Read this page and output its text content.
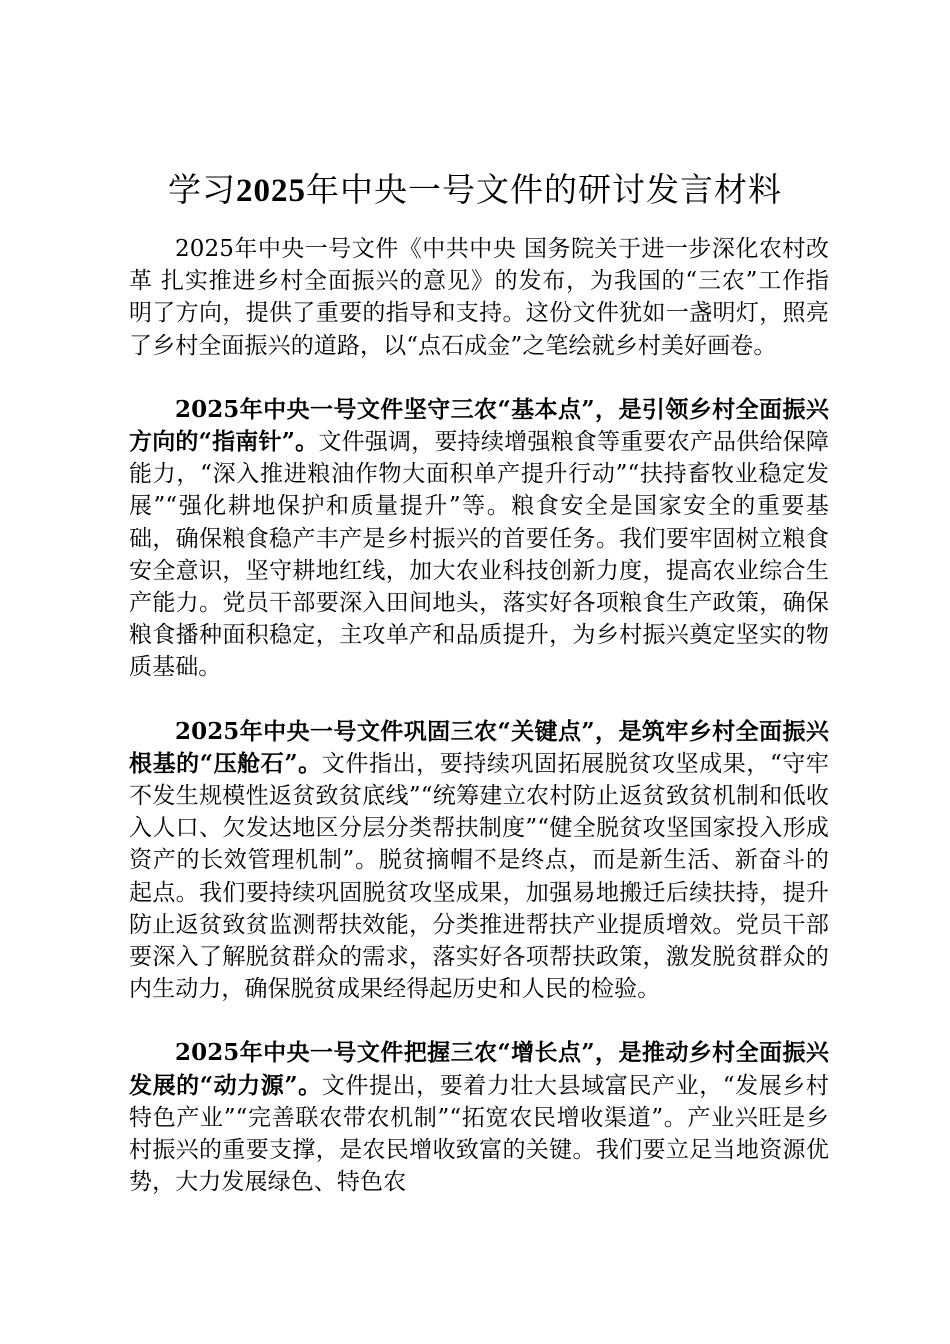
学习2025年中央一号文件的研讨发言材料

2025年中央一号文件《中共中央 国务院关于进一步深化农村改革 扎实推进乡村全面振兴的意见》的发布，为我国的“三农”工作指明了方向，提供了重要的指导和支持。这份文件犹如一盏明灯，照亮了乡村全面振兴的道路，以“点石成金”之笔绘就乡村美好画卷。

2025年中央一号文件坚守三农“基本点”，是引领乡村全面振兴方向的“指南针”。文件强调，要持续增强粮食等重要农产品供给保障能力，“深入推进粮油作物大面积单产提升行动”“扶持畜牧业稳定发展”“强化耕地保护和质量提升”等。粮食安全是国家安全的重要基础，确保粮食稳产丰产是乡村振兴的首要任务。我们要牢固树立粮食安全意识，坚守耕地红线，加大农业科技创新力度，提高农业综合生产能力。党员干部要深入田间地头，落实好各项粮食生产政策，确保粮食播种面积稳定，主攻单产和品质提升，为乡村振兴奠定坚实的物质基础。

2025年中央一号文件巩固三农“关键点”，是筑牢乡村全面振兴根基的“压舱石”。文件指出，要持续巩固拓展脱贫攻坚成果，“守牢不发生规模性返贫致贫底线”“统筹建立农村防止返贫致贫机制和低收入人口、欠发达地区分层分类帮扶制度”“健全脱贫攻坚国家投入形成资产的长效管理机制”。脱贫摘帽不是终点，而是新生活、新奋斗的起点。我们要持续巩固脱贫攻坚成果，加强易地搬迁后续扶持，提升防止返贫致贫监测帮扶效能，分类推进帮扶产业提质增效。党员干部要深入了解脱贫群众的需求，落实好各项帮扶政策，激发脱贫群众的内生动力，确保脱贫成果经得起历史和人民的检验。

2025年中央一号文件把握三农“增长点”，是推动乡村全面振兴发展的“动力源”。文件提出，要着力壮大县域富民产业，“发展乡村特色产业”“完善联农带农机制”“拓宽农民增收渠道”。产业兴旺是乡村振兴的重要支撑，是农民增收致富的关键。我们要立足当地资源优势，大力发展绿色、特色农
